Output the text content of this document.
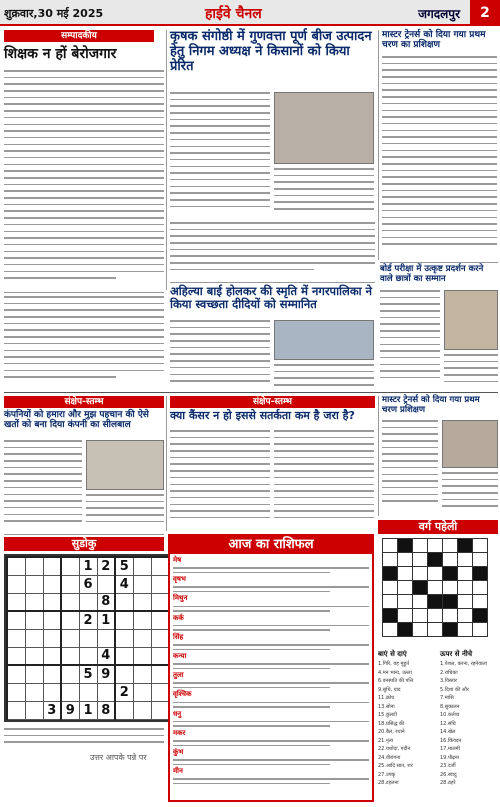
शुक्रवार,30 मई 2025	हाईवे चैनल	जगदलपुर	2
सम्पादकीय
शिक्षक न हों बेरोजगार
कृषक संगोष्ठी में गुणवत्ता पूर्ण बीज उत्पादन हेतु निगम अध्यक्ष ने किसानों को किया प्रेरित
मास्टर ट्रेनर्स को दिया गया प्रथम चरण का प्रशिक्षण
अहिल्या बाई होलकर की स्मृति में नगरपालिका ने किया स्वच्छता दीदियों को सम्मानित
बोर्ड परीक्षा में उत्कृष्ट प्रदर्शन करने वाले छात्रों का सम्मान
संक्षेप-स्तम्भ
कंपनियों को हमारा और मुझ पहचान की ऐसे खतों को बना दिया कंपनी का सीलबाल
संक्षेप-स्तम्भ
क्या कैंसर न हो इससे सतर्कता कम है जरा है?
मास्टर ट्रेनर्स को दिया गया प्रथम चरण प्रशिक्षण
सुडोकु
				1	2	5		
				6		4		
					8			
				2	1			

					4			
				5	9			
						2		
		3	9	1	8			
उत्तर आपके पन्ने पर
आज का राशिफल
मेष
वृषभ
मिथुन
कर्क
सिंह
कन्या
तुला
वृश्चिक
धनु
मकर
कुंभ
मीन
वर्ग पहेली

बाएं से दाएं
1.गिरि, यह मुहूर्त
4.मन भाना, उल्ला
6.वनस्पति की पत्ति
9.सुधि, याद
11.क्रोध
13.सोना
15.कुलटी
18.प्रसिद्ध की
20.बैल, रथाने
21.नृत्य
22.यशोदा, पदीन
24.वीरांगना
25.आदि सात, शर
27.उपकृ
28.टहलना
ऊपर से नीचे
1.पेशल, करना, रहनेवाला
2.राधिका
3.विस्तार
5.दिशा की और
7.मासि
8.सुकालन
10.कर्तव्य
12.संधि
14.खेल
16.किंवदन
17.मालमी
19.पौढ़ना
23.दर्जी
26.स्वादु
28.ठहरे
